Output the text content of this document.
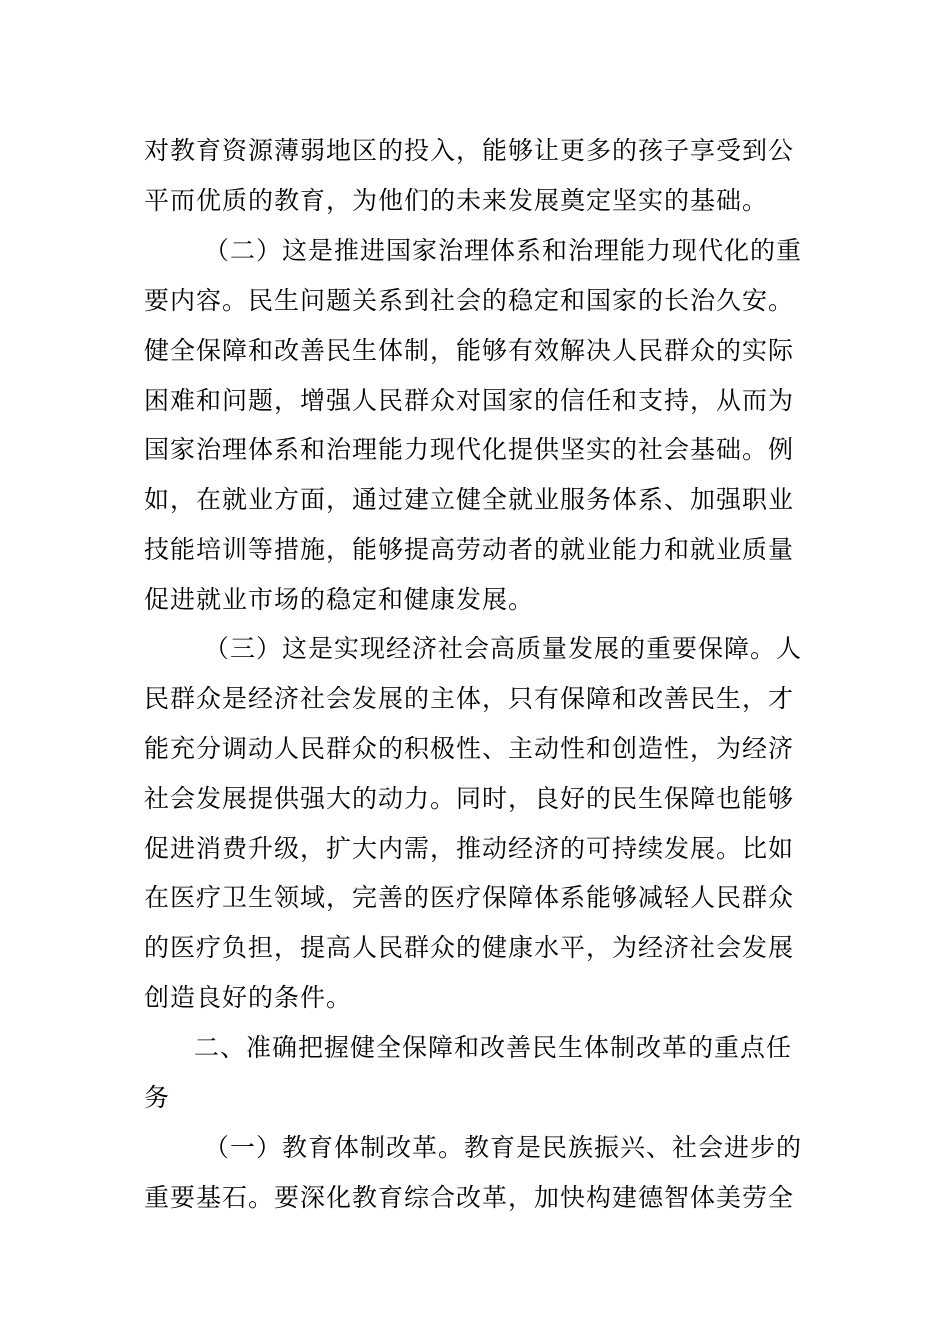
对教育资源薄弱地区的投入，能够让更多的孩子享受到公
平而优质的教育，为他们的未来发展奠定坚实的基础。
（二）这是推进国家治理体系和治理能力现代化的重
要内容。民生问题关系到社会的稳定和国家的长治久安。
健全保障和改善民生体制，能够有效解决人民群众的实际
困难和问题，增强人民群众对国家的信任和支持，从而为
国家治理体系和治理能力现代化提供坚实的社会基础。例
如，在就业方面，通过建立健全就业服务体系、加强职业
技能培训等措施，能够提高劳动者的就业能力和就业质量
促进就业市场的稳定和健康发展。
（三）这是实现经济社会高质量发展的重要保障。人
民群众是经济社会发展的主体，只有保障和改善民生，才
能充分调动人民群众的积极性、主动性和创造性，为经济
社会发展提供强大的动力。同时，良好的民生保障也能够
促进消费升级，扩大内需，推动经济的可持续发展。比如
在医疗卫生领域，完善的医疗保障体系能够减轻人民群众
的医疗负担，提高人民群众的健康水平，为经济社会发展
创造良好的条件。
二、准确把握健全保障和改善民生体制改革的重点任
务
（一）教育体制改革。教育是民族振兴、社会进步的
重要基石。要深化教育综合改革，加快构建德智体美劳全
